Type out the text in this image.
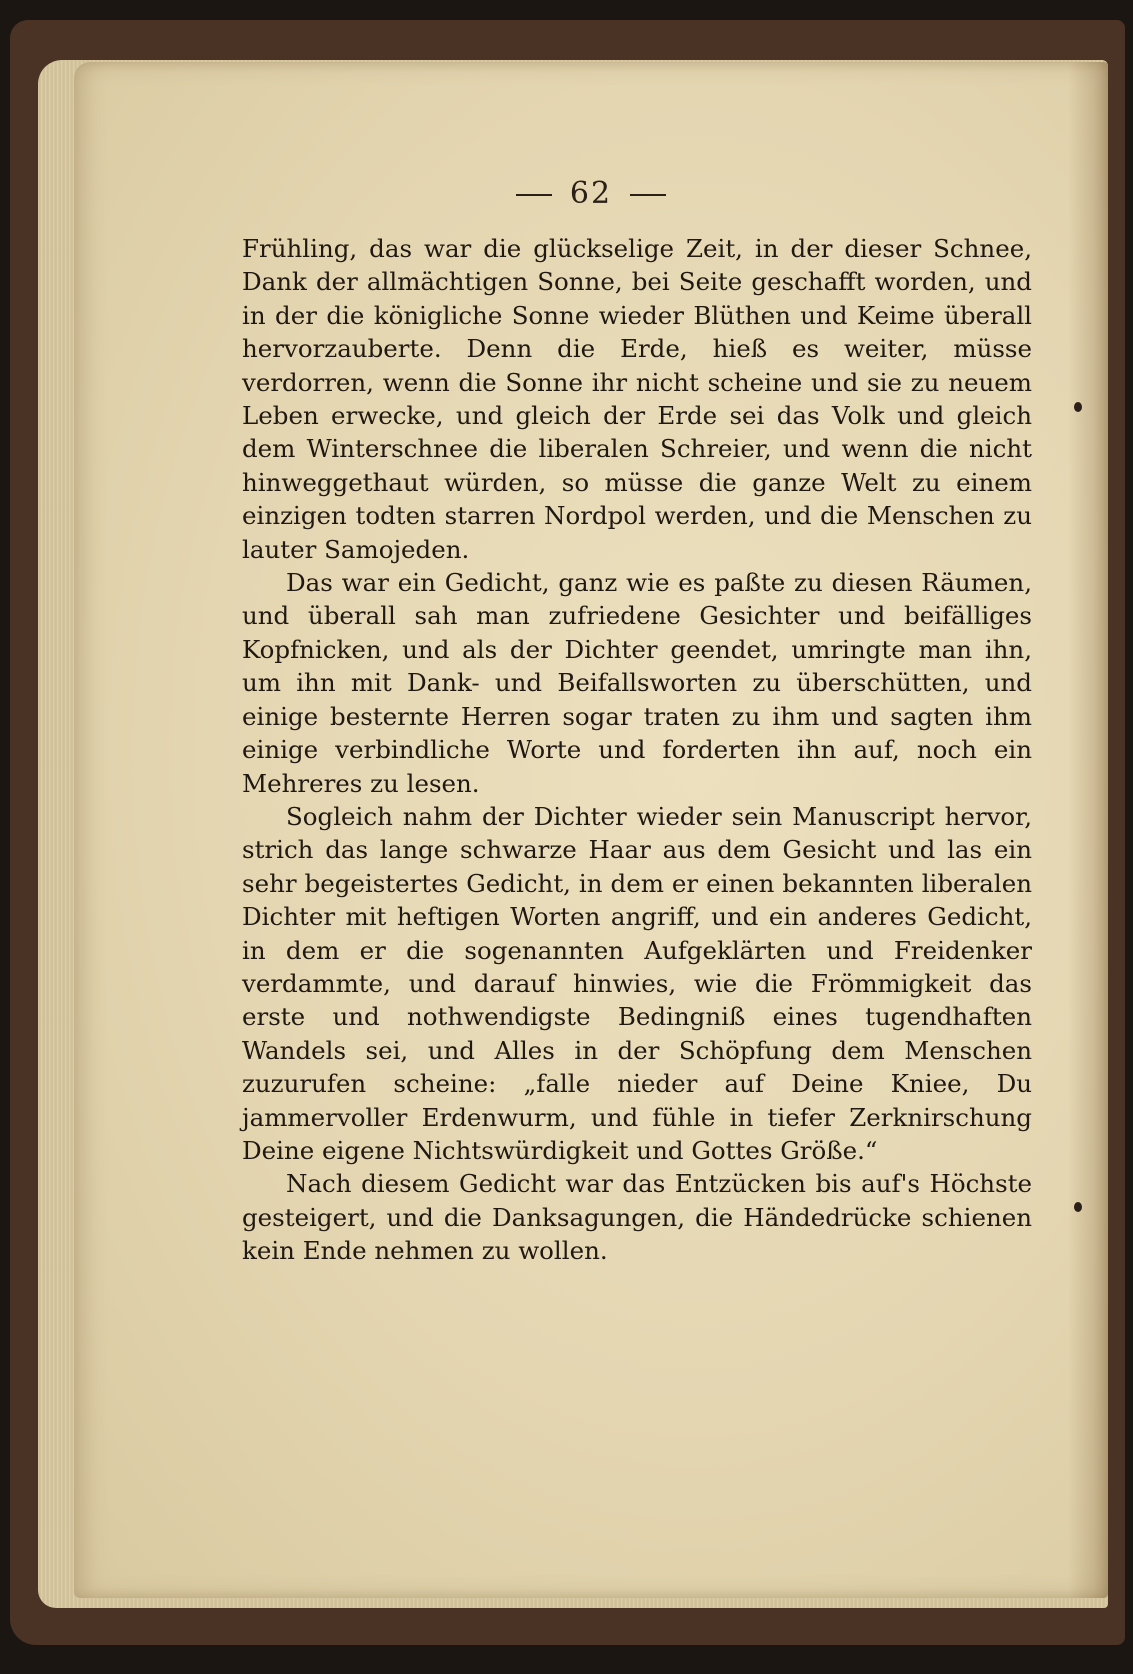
62

Frühling, das war die glückselige Zeit, in der dieser Schnee, Dank der allmächtigen Sonne, bei Seite geschafft worden, und in der die königliche Sonne wieder Blüthen und Keime überall hervorzauberte. Denn die Erde, hieß es weiter, müsse verdorren, wenn die Sonne ihr nicht scheine und sie zu neuem Leben erwecke, und gleich der Erde sei das Volk und gleich dem Winterschnee die liberalen Schreier, und wenn die nicht hinweggethaut würden, so müsse die ganze Welt zu einem einzigen todten starren Nordpol werden, und die Menschen zu lauter Samojeden.

Das war ein Gedicht, ganz wie es paßte zu diesen Räumen, und überall sah man zufriedene Gesichter und beifälliges Kopfnicken, und als der Dichter geendet, umringte man ihn, um ihn mit Dank- und Beifallsworten zu überschütten, und einige besternte Herren sogar traten zu ihm und sagten ihm einige verbindliche Worte und forderten ihn auf, noch ein Mehreres zu lesen.

Sogleich nahm der Dichter wieder sein Manuscript hervor, strich das lange schwarze Haar aus dem Gesicht und las ein sehr begeistertes Gedicht, in dem er einen bekannten liberalen Dichter mit heftigen Worten angriff, und ein anderes Gedicht, in dem er die sogenannten Aufgeklärten und Freidenker verdammte, und darauf hinwies, wie die Frömmigkeit das erste und nothwendigste Bedingniß eines tugendhaften Wandels sei, und Alles in der Schöpfung dem Menschen zuzurufen scheine: „falle nieder auf Deine Kniee, Du jammervoller Erdenwurm, und fühle in tiefer Zerknirschung Deine eigene Nichtswürdigkeit und Gottes Größe.“

Nach diesem Gedicht war das Entzücken bis auf's Höchste gesteigert, und die Danksagungen, die Händedrücke schienen kein Ende nehmen zu wollen.
